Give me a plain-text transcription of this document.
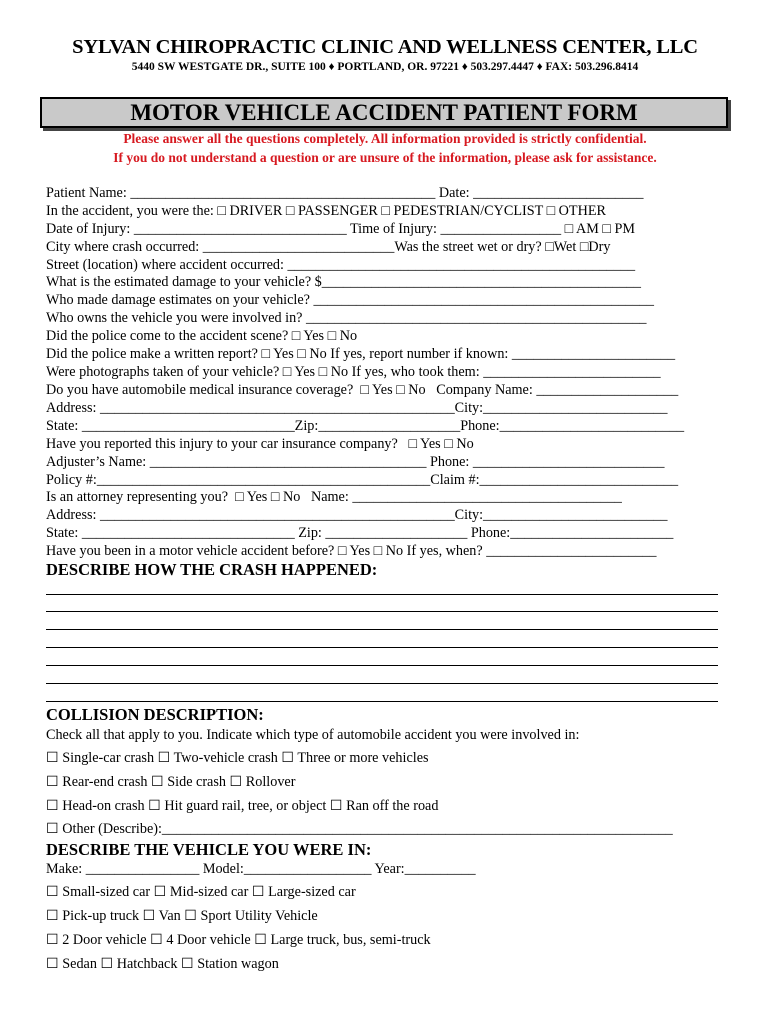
SYLVAN CHIROPRACTIC CLINIC AND WELLNESS CENTER, LLC
5440 SW WESTGATE DR., SUITE 100 ♦ PORTLAND, OR. 97221 ♦ 503.297.4447 ♦ FAX: 503.296.8414
MOTOR VEHICLE ACCIDENT PATIENT FORM
Please answer all the questions completely. All information provided is strictly confidential.
If you do not understand a question or are unsure of the information, please ask for assistance.
Patient Name: ___________________________________________ Date: ________________________
In the accident, you were the: □ DRIVER □ PASSENGER □ PEDESTRIAN/CYCLIST □ OTHER
Date of Injury: ______________________________ Time of Injury: _________________ □ AM □ PM
City where crash occurred: ___________________________Was the street wet or dry? □Wet □Dry
Street (location) where accident occurred: _________________________________________________
What is the estimated damage to your vehicle? $_____________________________________________
Who made damage estimates on your vehicle? ________________________________________________
Who owns the vehicle you were involved in? ________________________________________________
Did the police come to the accident scene? □ Yes □ No
Did the police make a written report? □ Yes □ No If yes, report number if known: _______________________
Were photographs taken of your vehicle? □ Yes □ No If yes, who took them: _________________________
Do you have automobile medical insurance coverage?  □ Yes □ No   Company Name: ____________________
Address: __________________________________________________City:__________________________
State: ______________________________Zip:____________________Phone:__________________________
Have you reported this injury to your car insurance company?   □ Yes □ No
Adjuster’s Name: _______________________________________ Phone: ___________________________
Policy #:_______________________________________________Claim #:____________________________
Is an attorney representing you?  □ Yes □ No   Name: ______________________________________
Address: __________________________________________________City:__________________________
State: ______________________________ Zip: ____________________ Phone:_______________________
Have you been in a motor vehicle accident before? □ Yes □ No If yes, when? ________________________
DESCRIBE HOW THE CRASH HAPPENED:
COLLISION DESCRIPTION:
Check all that apply to you. Indicate which type of automobile accident you were involved in:
☐ Single-car crash ☐ Two-vehicle crash ☐ Three or more vehicles
☐ Rear-end crash ☐ Side crash ☐ Rollover
☐ Head-on crash ☐ Hit guard rail, tree, or object ☐ Ran off the road
☐ Other (Describe):________________________________________________________________________
DESCRIBE THE VEHICLE YOU WERE IN:
Make: ________________ Model:__________________ Year:__________
☐ Small-sized car ☐ Mid-sized car ☐ Large-sized car
☐ Pick-up truck ☐ Van ☐ Sport Utility Vehicle
☐ 2 Door vehicle ☐ 4 Door vehicle ☐ Large truck, bus, semi-truck
☐ Sedan ☐ Hatchback ☐ Station wagon
